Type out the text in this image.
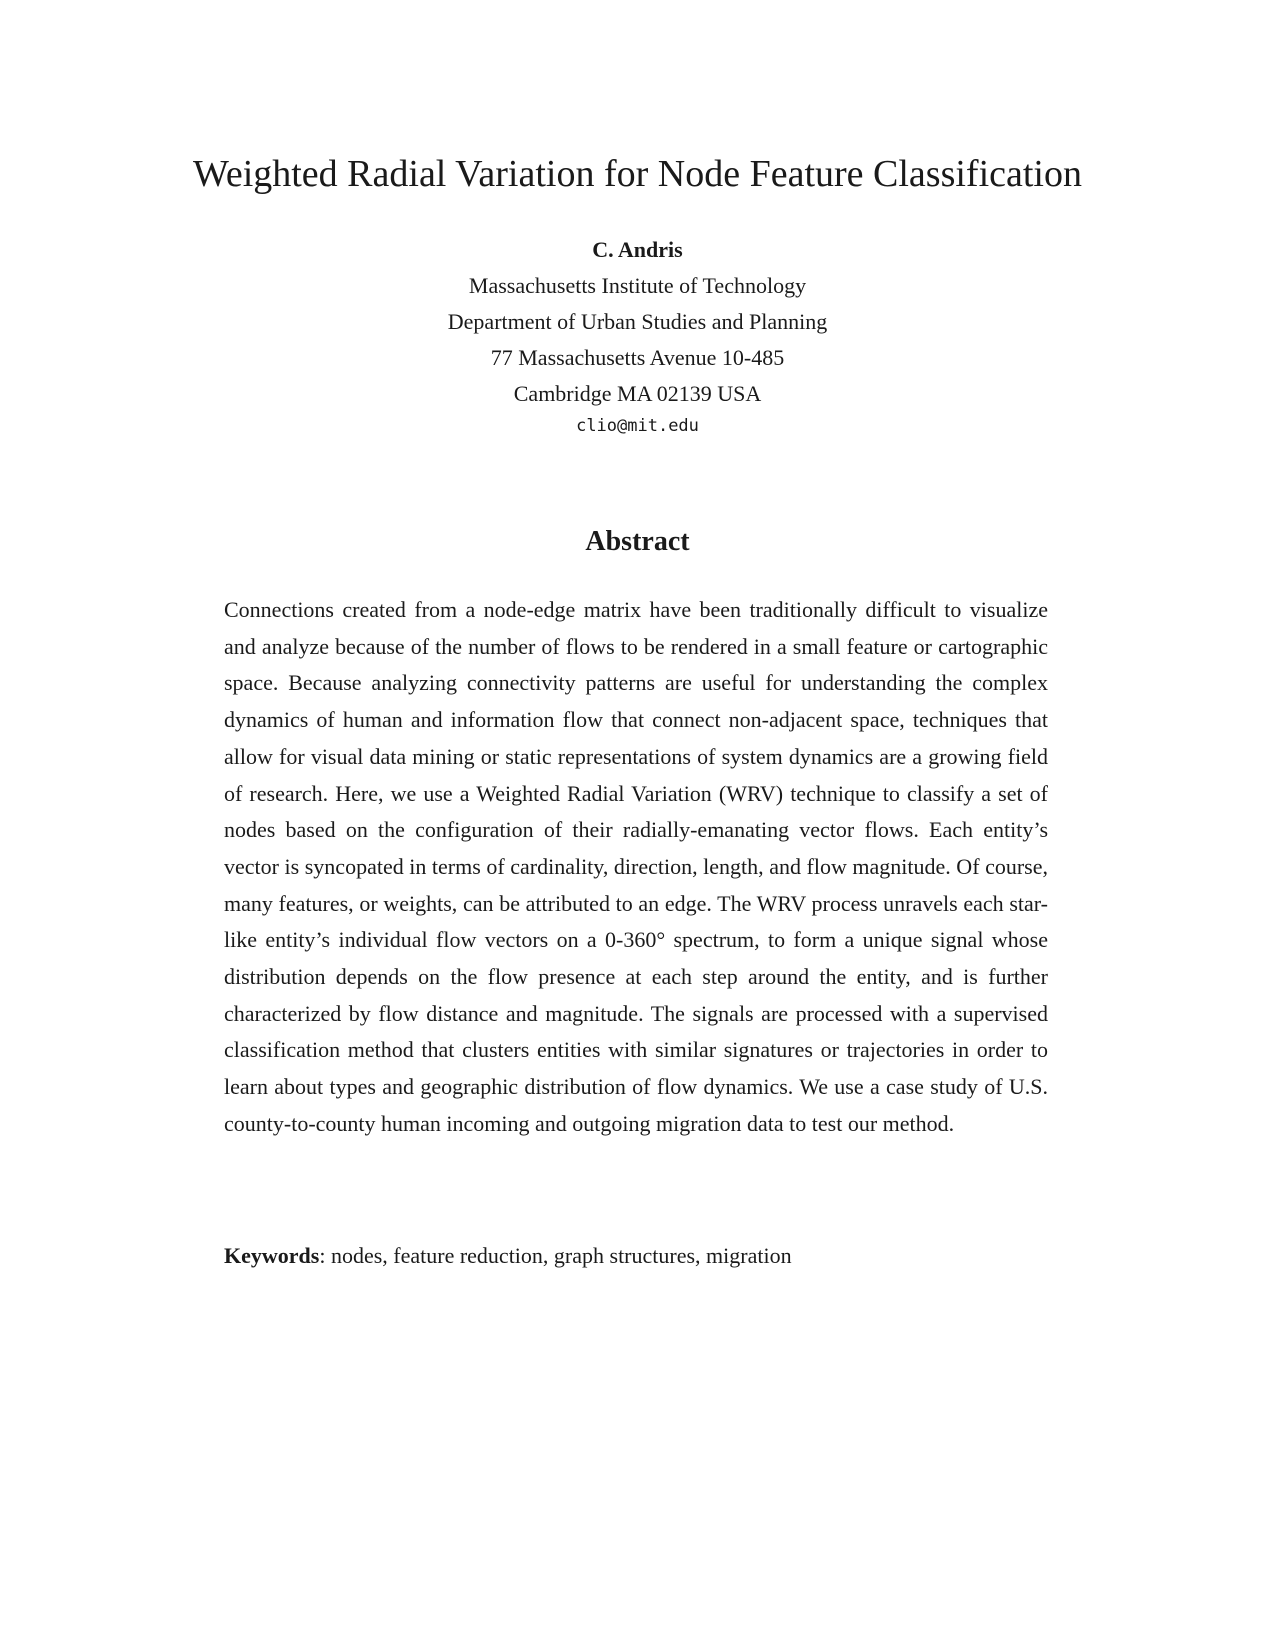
Weighted Radial Variation for Node Feature Classification
C. Andris
Massachusetts Institute of Technology
Department of Urban Studies and Planning
77 Massachusetts Avenue 10-485
Cambridge MA 02139 USA
clio@mit.edu
Abstract

Connections created from a node-edge matrix have been traditionally difficult to visualize and analyze because of the number of flows to be rendered in a small feature or cartographic space. Because analyzing connectivity patterns are useful for understanding the complex dynamics of human and information flow that connect non-adjacent space, techniques that allow for visual data mining or static representations of system dynamics are a growing field of research. Here, we use a Weighted Radial Variation (WRV) technique to classify a set of nodes based on the configuration of their radially-emanating vector flows. Each entity’s vector is syncopated in terms of cardinality, direction, length, and flow magnitude. Of course, many features, or weights, can be attributed to an edge. The WRV process unravels each star-like entity’s individual flow vectors on a 0-360° spectrum, to form a unique signal whose distribution depends on the flow presence at each step around the entity, and is further characterized by flow distance and magnitude. The signals are processed with a supervised classification method that clusters entities with similar signatures or trajectories in order to learn about types and geographic distribution of flow dynamics. We use a case study of U.S. county-to-county human incoming and outgoing migration data to test our method.

Keywords: nodes, feature reduction, graph structures, migration
